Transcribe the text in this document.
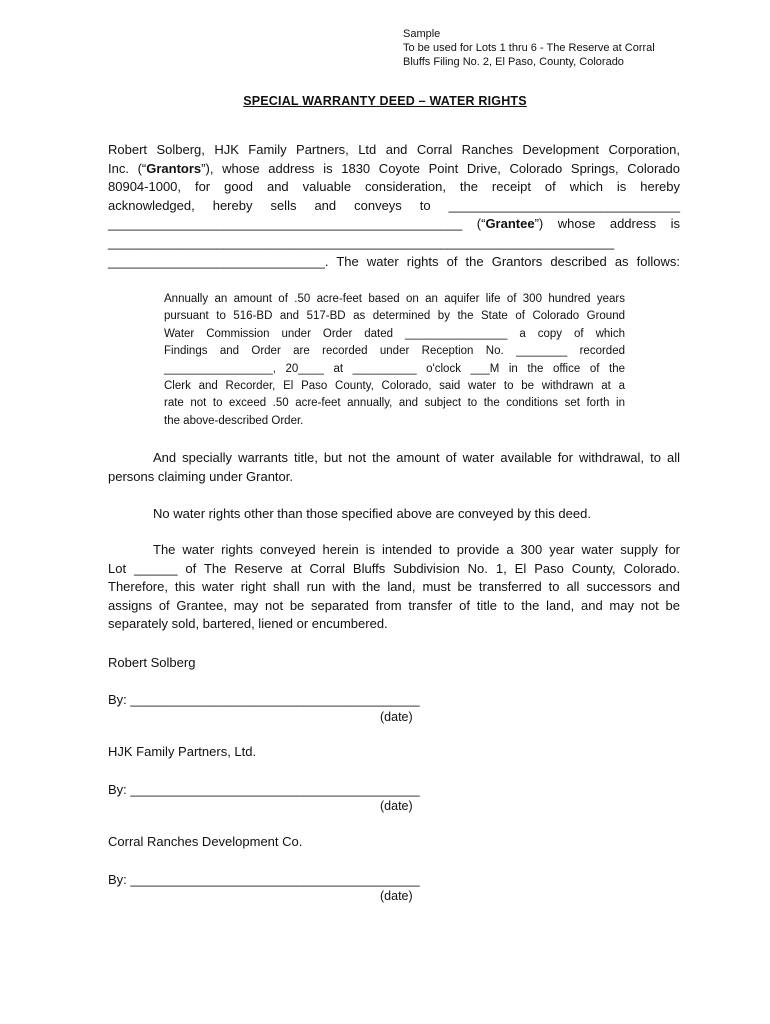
Sample
To be used for Lots 1 thru 6 - The Reserve at Corral
Bluffs Filing No. 2, El Paso, County, Colorado
SPECIAL WARRANTY DEED – WATER RIGHTS
Robert Solberg, HJK Family Partners, Ltd and Corral Ranches Development Corporation,
Inc. (“Grantors”), whose address is 1830 Coyote Point Drive, Colorado Springs, Colorado
80904-1000, for good and valuable consideration, the receipt of which is hereby
acknowledged, hereby sells and conveys to ________________________________
_________________________________________________ (“Grantee”) whose address is
______________________________________________________________________
______________________________. The water rights of the Grantors described as follows:
Annually an amount of .50 acre-feet based on an aquifer life of 300 hundred years
pursuant to 516-BD and 517-BD as determined by the State of Colorado Ground
Water Commission under Order dated ________________ a copy of which
Findings and Order are recorded under Reception No. ________ recorded
_________________, 20____ at __________ o'clock ___M in the office of the
Clerk and Recorder, El Paso County, Colorado, said water to be withdrawn at a
rate not to exceed .50 acre-feet annually, and subject to the conditions set forth in
the above-described Order.
And specially warrants title, but not the amount of water available for withdrawal, to all
persons claiming under Grantor.
No water rights other than those specified above are conveyed by this deed.
The water rights conveyed herein is intended to provide a 300 year water supply for
Lot ______ of The Reserve at Corral Bluffs Subdivision No. 1, El Paso County, Colorado.
Therefore, this water right shall run with the land, must be transferred to all successors and
assigns of Grantee, may not be separated from transfer of title to the land, and may not be
separately sold, bartered, liened or encumbered.
Robert Solberg
By: ________________________________________
(date)
HJK Family Partners, Ltd.
By: ________________________________________
(date)
Corral Ranches Development Co.
By: ________________________________________
(date)
